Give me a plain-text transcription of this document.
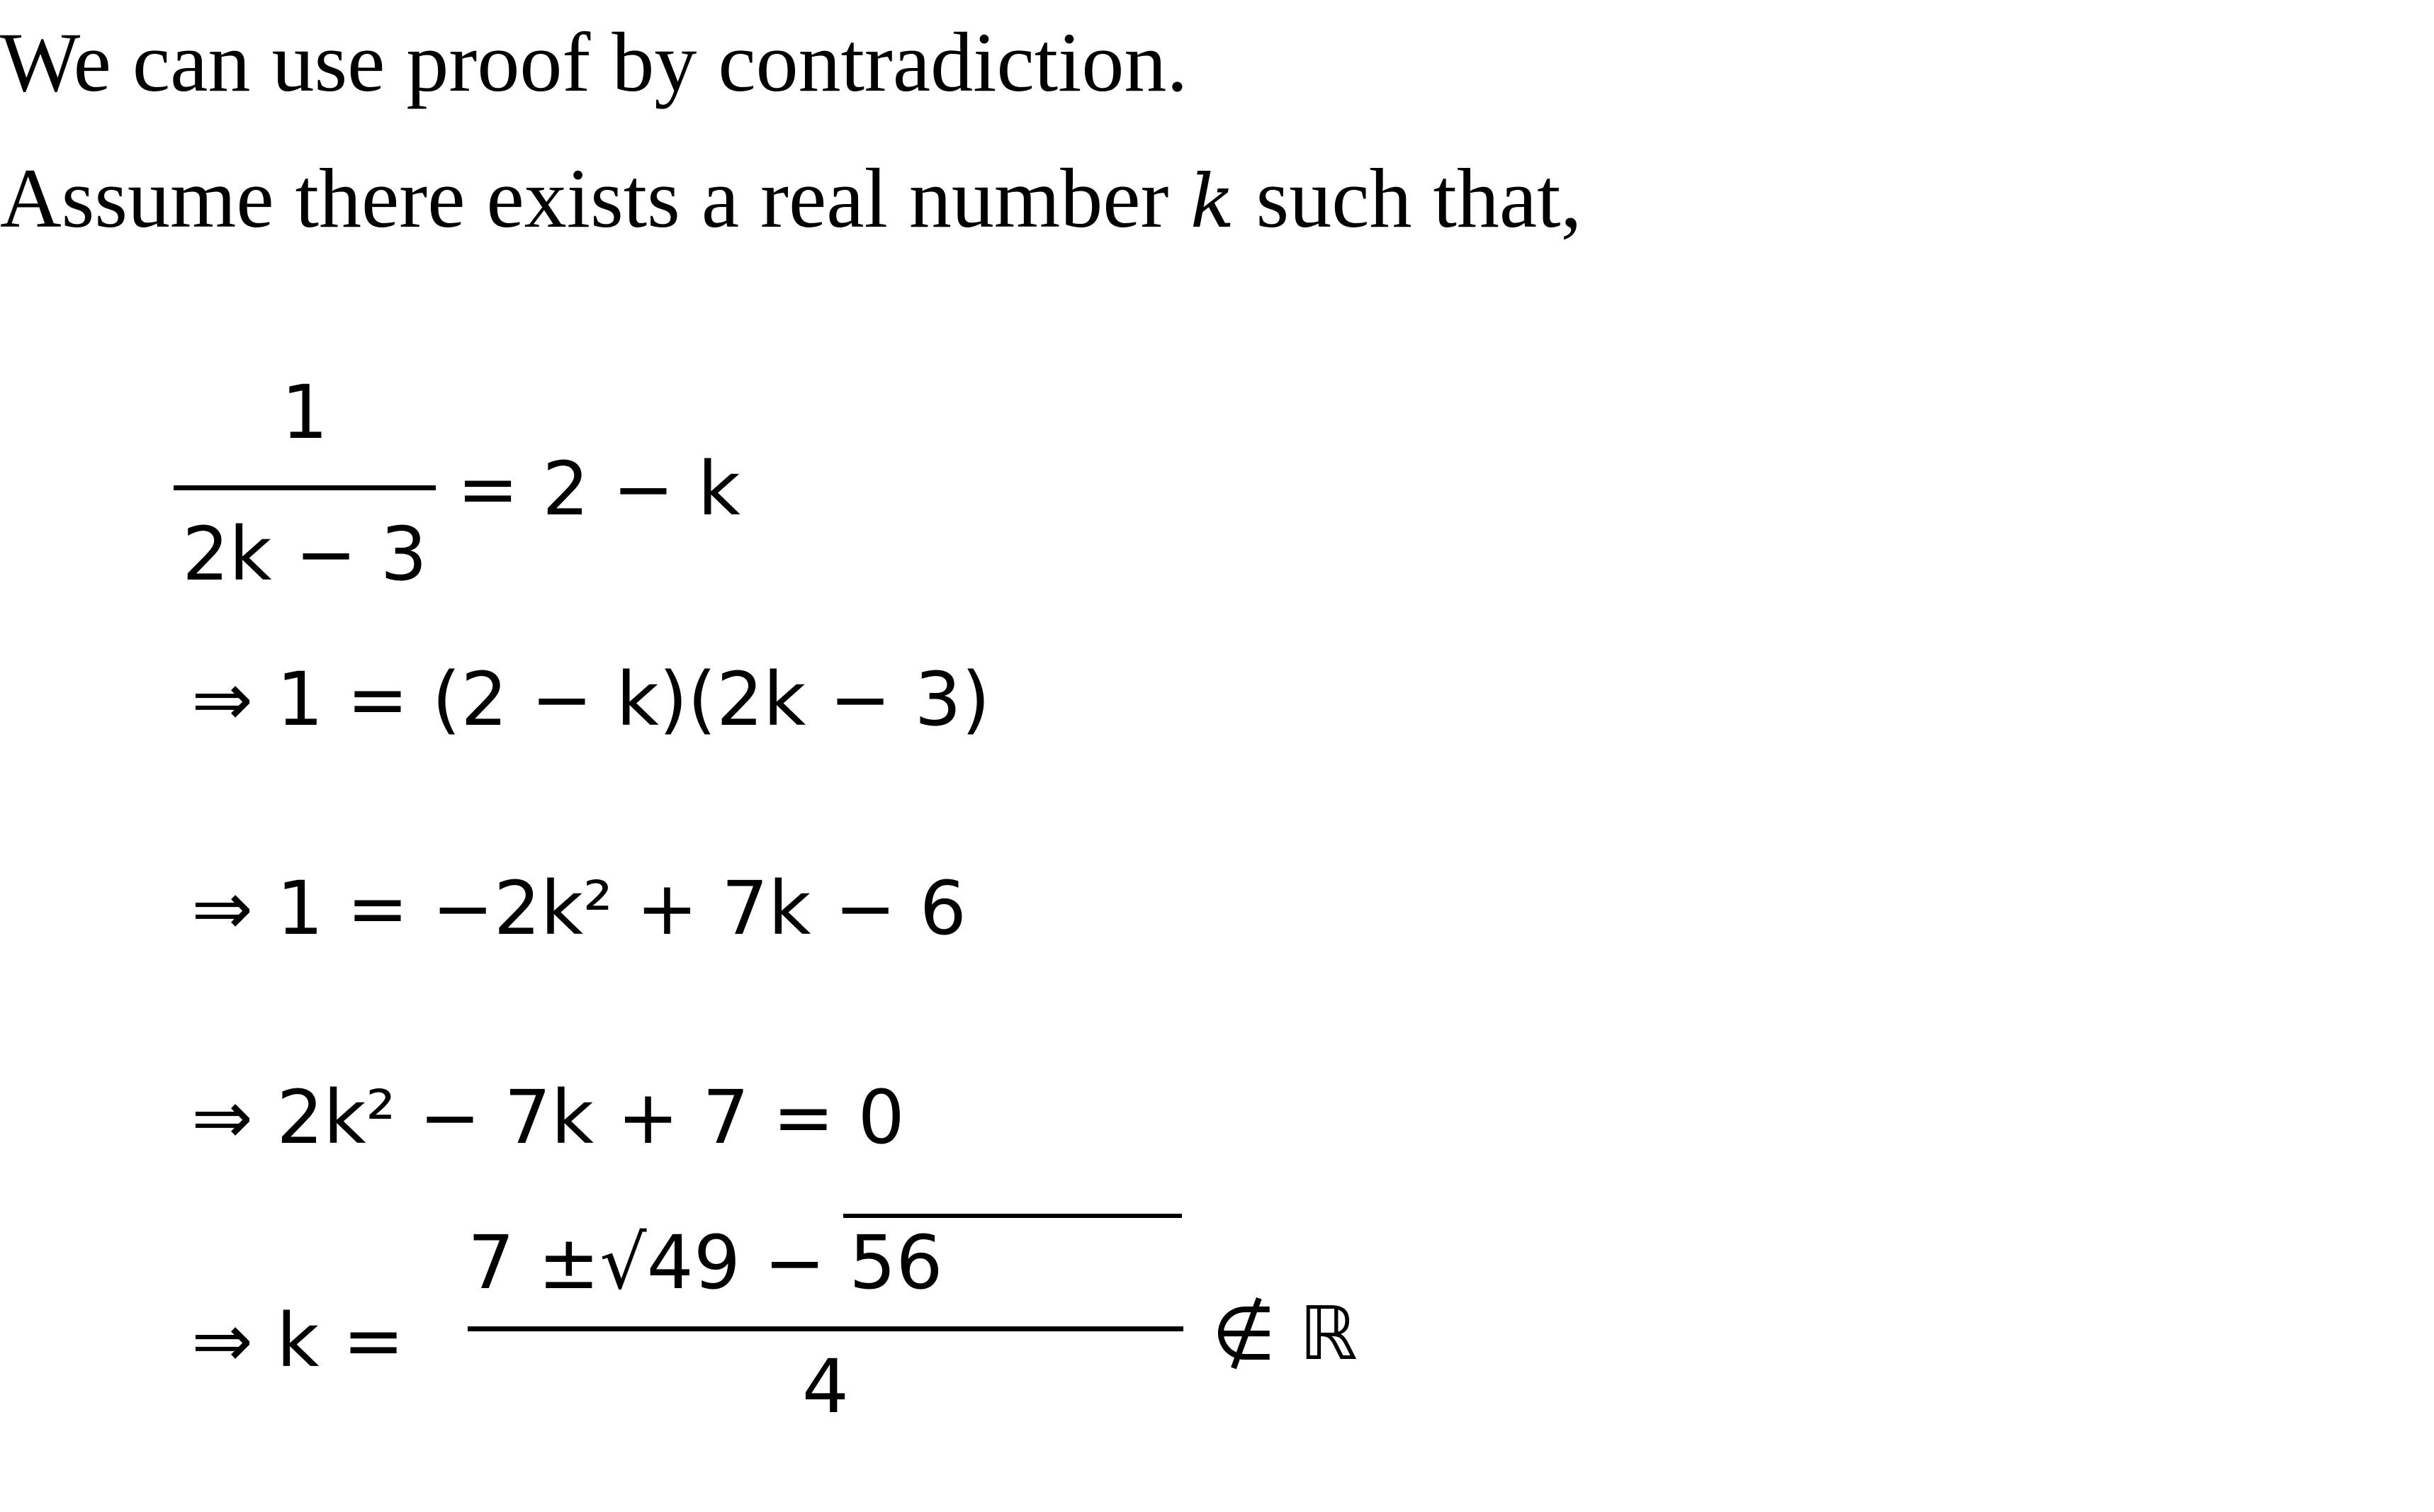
We can use proof by contradiction.
Assume there exists a real number k such that,
1
2k − 3
= 2 − k
⇒ 1 = (2 − k)(2k − 3)
⇒ 1 = −2k² + 7k − 6
⇒ 2k² − 7k + 7 = 0
⇒ k =
7 ±√49 − 56
4
∉ ℝ
